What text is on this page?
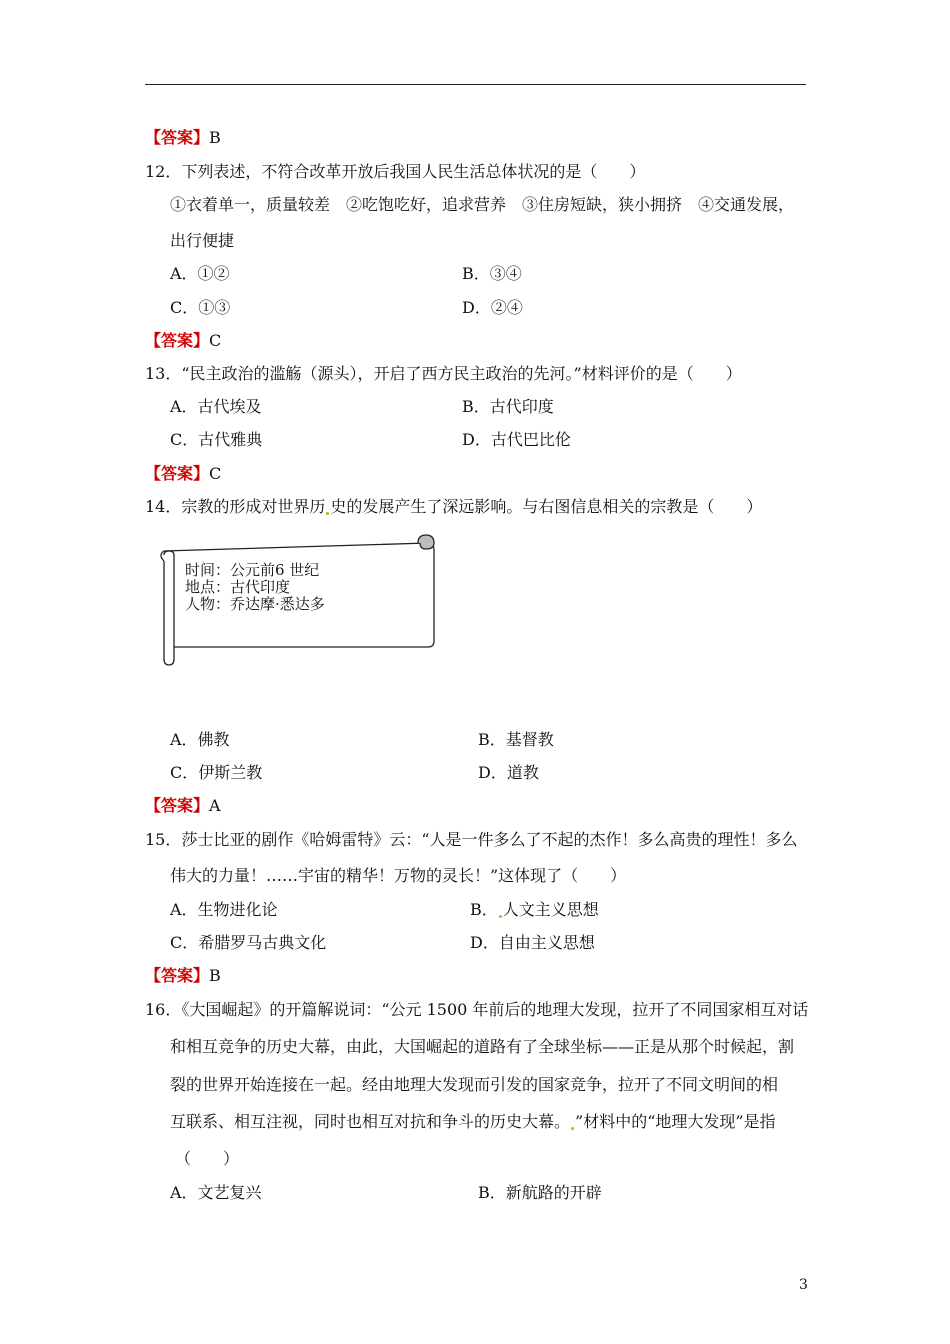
【答案】B
12．下列表述，不符合改革开放后我国人民生活总体状况的是（　　）
①衣着单一，质量较差　②吃饱吃好，追求营养　③住房短缺，狭小拥挤　④交通发展，
出行便捷
A．①②	B．③④
C．①③	D．②④
【答案】C
13．“民主政治的滥觞（源头），开启了西方民主政治的先河。”材料评价的是（　　）
A．古代埃及	B．古代印度
C．古代雅典	D．古代巴比伦
【答案】C
14．宗教的形成对世界历 史的发展产生了深远影响。与右图信息相关的宗教是（　　）
时间：公元前6 世纪
地点：古代印度
人物：乔达摩·悉达多
A．佛教	B．基督教
C．伊斯兰教	D．道教
【答案】A
15．莎士比亚的剧作《哈姆雷特》云：“人是一件多么了不起的杰作！多么高贵的理性！多么
伟大的力量！……宇宙的精华！万物的灵长！”这体现了（　　）
A．生物进化论	B． 人文主义思想
C．希腊罗马古典文化	D．自由主义思想
【答案】B
16．《大国崛起》的开篇解说词：“公元 1500 年前后的地理大发现，拉开了不同国家相互对话
和相互竞争的历史大幕，由此，大国崛起的道路有了全球坐标——正是从那个时候起，割
裂的世界开始连接在一起。经由地理大发现而引发的国家竞争，拉开了不同文明间的相
互联系、相互注视，同时也相互对抗和争斗的历史大幕。 ”材料中的“地理大发现”是指
（　　）
A．文艺复兴	B．新航路的开辟
3
